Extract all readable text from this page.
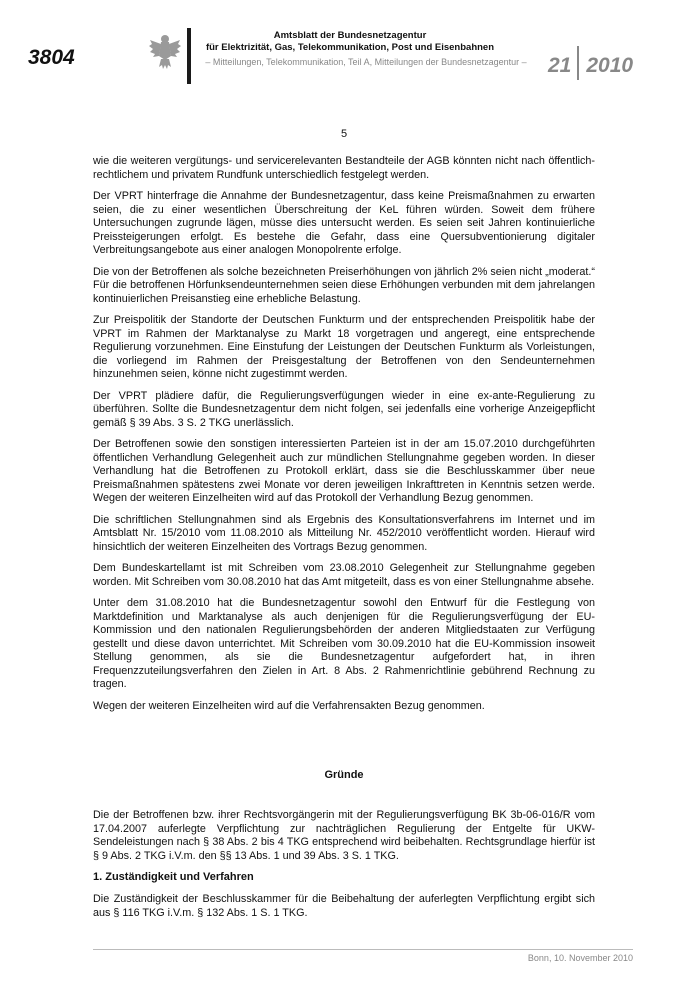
3804
Amtsblatt der Bundesnetzagentur
für Elektrizität, Gas, Telekommunikation, Post und Eisenbahnen
– Mitteilungen, Telekommunikation, Teil A, Mitteilungen der Bundesnetzagentur –	21 2010
5

wie die weiteren vergütungs- und servicerelevanten Bestandteile der AGB könnten nicht nach öffentlich-rechtlichem und privatem Rundfunk unterschiedlich festgelegt werden.

Der VPRT hinterfrage die Annahme der Bundesnetzagentur, dass keine Preismaßnahmen zu erwarten seien, die zu einer wesentlichen Überschreitung der KeL führen würden. Soweit dem frühere Untersuchungen zugrunde lägen, müsse dies untersucht werden. Es seien seit Jahren kontinuierliche Preissteigerungen erfolgt. Es bestehe die Gefahr, dass eine Quersubventionierung digitaler Verbreitungsangebote aus einer analogen Monopolrente erfolge.

Die von der Betroffenen als solche bezeichneten Preiserhöhungen von jährlich 2% seien nicht „moderat.“ Für die betroffenen Hörfunksendeunternehmen seien diese Erhöhungen verbunden mit dem jahrelangen kontinuierlichen Preisanstieg eine erhebliche Belastung.

Zur Preispolitik der Standorte der Deutschen Funkturm und der entsprechenden Preispolitik habe der VPRT im Rahmen der Marktanalyse zu Markt 18 vorgetragen und angeregt, eine entsprechende Regulierung vorzunehmen. Eine Einstufung der Leistungen der Deutschen Funkturm als Vorleistungen, die vorliegend im Rahmen der Preisgestaltung der Betroffenen von den Sendeunternehmen hinzunehmen seien, könne nicht zugestimmt werden.

Der VPRT plädiere dafür, die Regulierungsverfügungen wieder in eine ex-ante-Regulierung zu überführen. Sollte die Bundesnetzagentur dem nicht folgen, sei jedenfalls eine vorherige Anzeigepflicht gemäß § 39 Abs. 3 S. 2 TKG unerlässlich.

Der Betroffenen sowie den sonstigen interessierten Parteien ist in der am 15.07.2010 durchgeführten öffentlichen Verhandlung Gelegenheit auch zur mündlichen Stellungnahme gegeben worden. In dieser Verhandlung hat die Betroffenen zu Protokoll erklärt, dass sie die Beschlusskammer über neue Preismaßnahmen spätestens zwei Monate vor deren jeweiligen Inkrafttreten in Kenntnis setzen werde. Wegen der weiteren Einzelheiten wird auf das Protokoll der Verhandlung Bezug genommen.

Die schriftlichen Stellungnahmen sind als Ergebnis des Konsultationsverfahrens im Internet und im Amtsblatt Nr. 15/2010 vom 11.08.2010 als Mitteilung Nr. 452/2010 veröffentlicht worden. Hierauf wird hinsichtlich der weiteren Einzelheiten des Vortrags Bezug genommen.

Dem Bundeskartellamt ist mit Schreiben vom 23.08.2010 Gelegenheit zur Stellungnahme gegeben worden. Mit Schreiben vom 30.08.2010 hat das Amt mitgeteilt, dass es von einer Stellungnahme absehe.

Unter dem 31.08.2010 hat die Bundesnetzagentur sowohl den Entwurf für die Festlegung von Marktdefinition und Marktanalyse als auch denjenigen für die Regulierungsverfügung der EU-Kommission und den nationalen Regulierungsbehörden der anderen Mitgliedstaaten zur Verfügung gestellt und diese davon unterrichtet. Mit Schreiben vom 30.09.2010 hat die EU-Kommission insoweit Stellung genommen, als sie die Bundesnetzagentur aufgefordert hat, in ihren Frequenzzuteilungsverfahren den Zielen in Art. 8 Abs. 2 Rahmenrichtlinie gebührend Rechnung zu tragen.

Wegen der weiteren Einzelheiten wird auf die Verfahrensakten Bezug genommen.

Gründe

Die der Betroffenen bzw. ihrer Rechtsvorgängerin mit der Regulierungsverfügung BK 3b-06-016/R vom 17.04.2007 auferlegte Verpflichtung zur nachträglichen Regulierung der Entgelte für UKW-Sendeleistungen nach § 38 Abs. 2 bis 4 TKG entsprechend wird beibehalten. Rechtsgrundlage hierfür ist § 9 Abs. 2 TKG i.V.m. den §§ 13 Abs. 1 und 39 Abs. 3 S. 1 TKG.

1. Zuständigkeit und Verfahren

Die Zuständigkeit der Beschlusskammer für die Beibehaltung der auferlegten Verpflichtung ergibt sich aus § 116 TKG i.V.m. § 132 Abs. 1 S. 1 TKG.

Bonn, 10. November 2010
